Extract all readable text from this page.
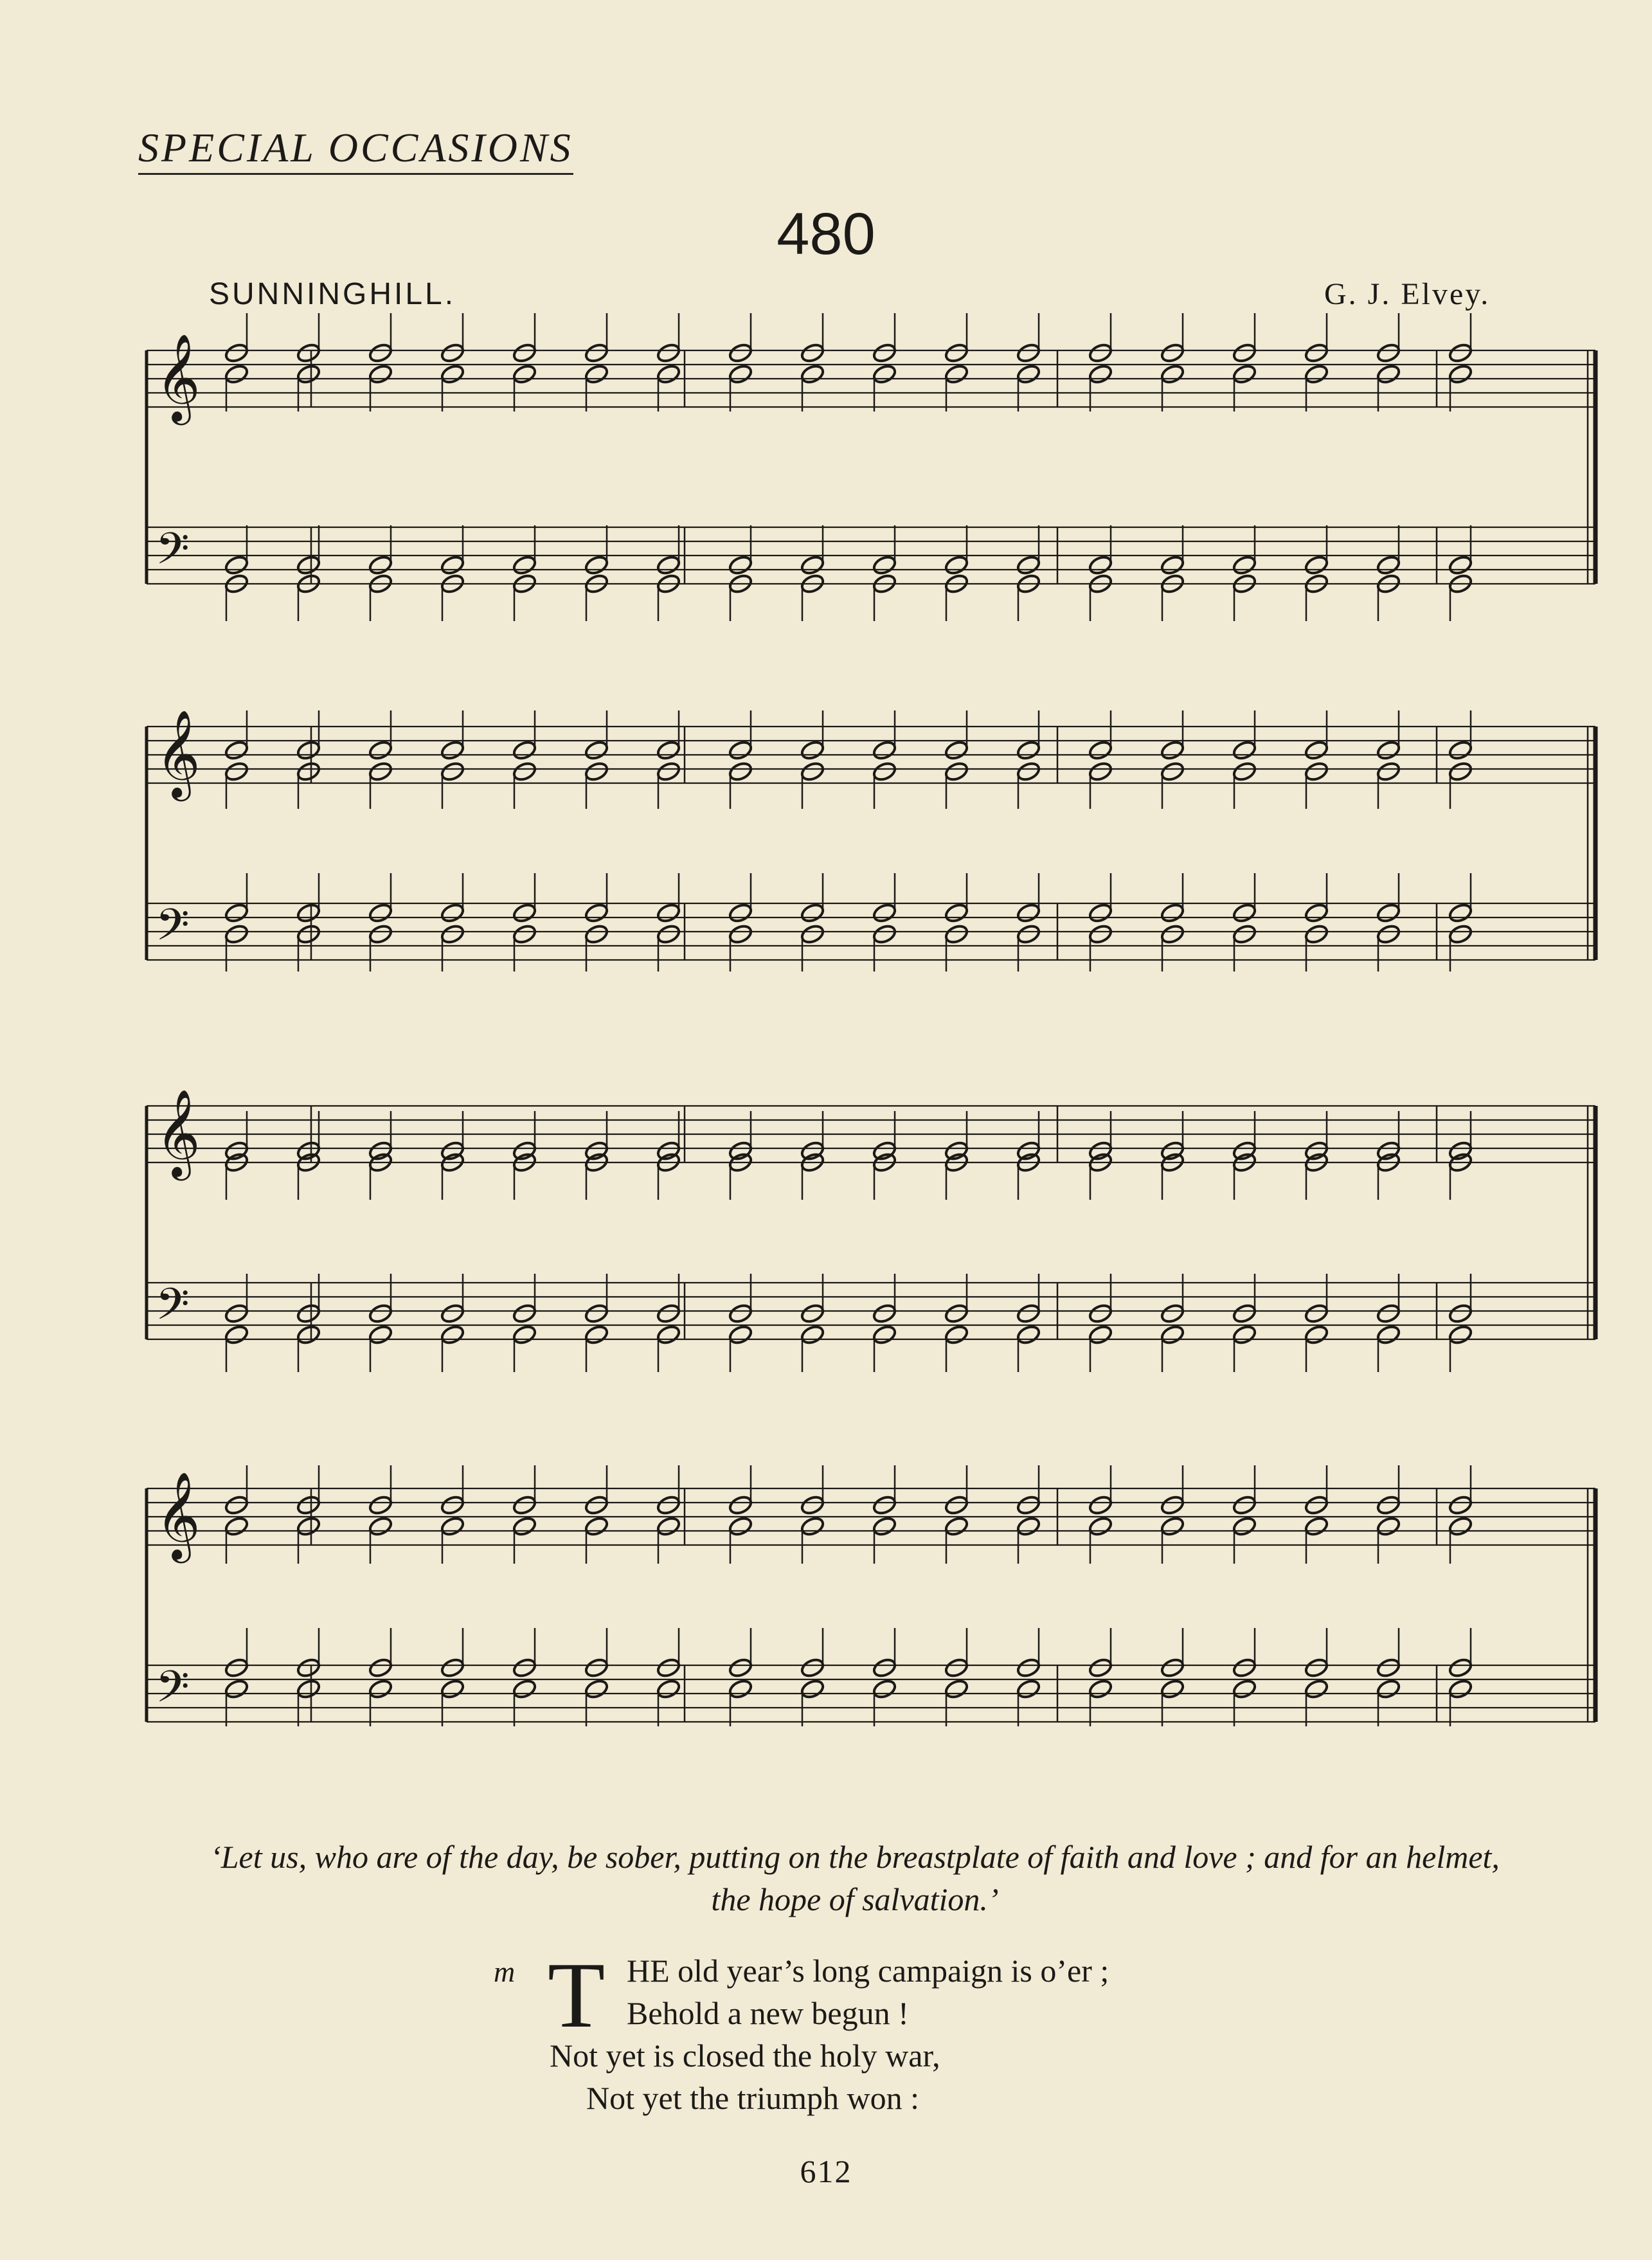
SPECIAL OCCASIONS
480
SUNNINGHILL.	G. J. Elvey.
𝄞
𝄢
𝄞
𝄢
𝄞
𝄢
𝄞
𝄢
‘Let us, who are of the day, be sober, putting on the breastplate of faith and love ; and for an helmet, the hope of salvation.’
m T HE old year’s long campaign is o’er ;
Behold a new begun !
Not yet is closed the holy war,
Not yet the triumph won :
612
